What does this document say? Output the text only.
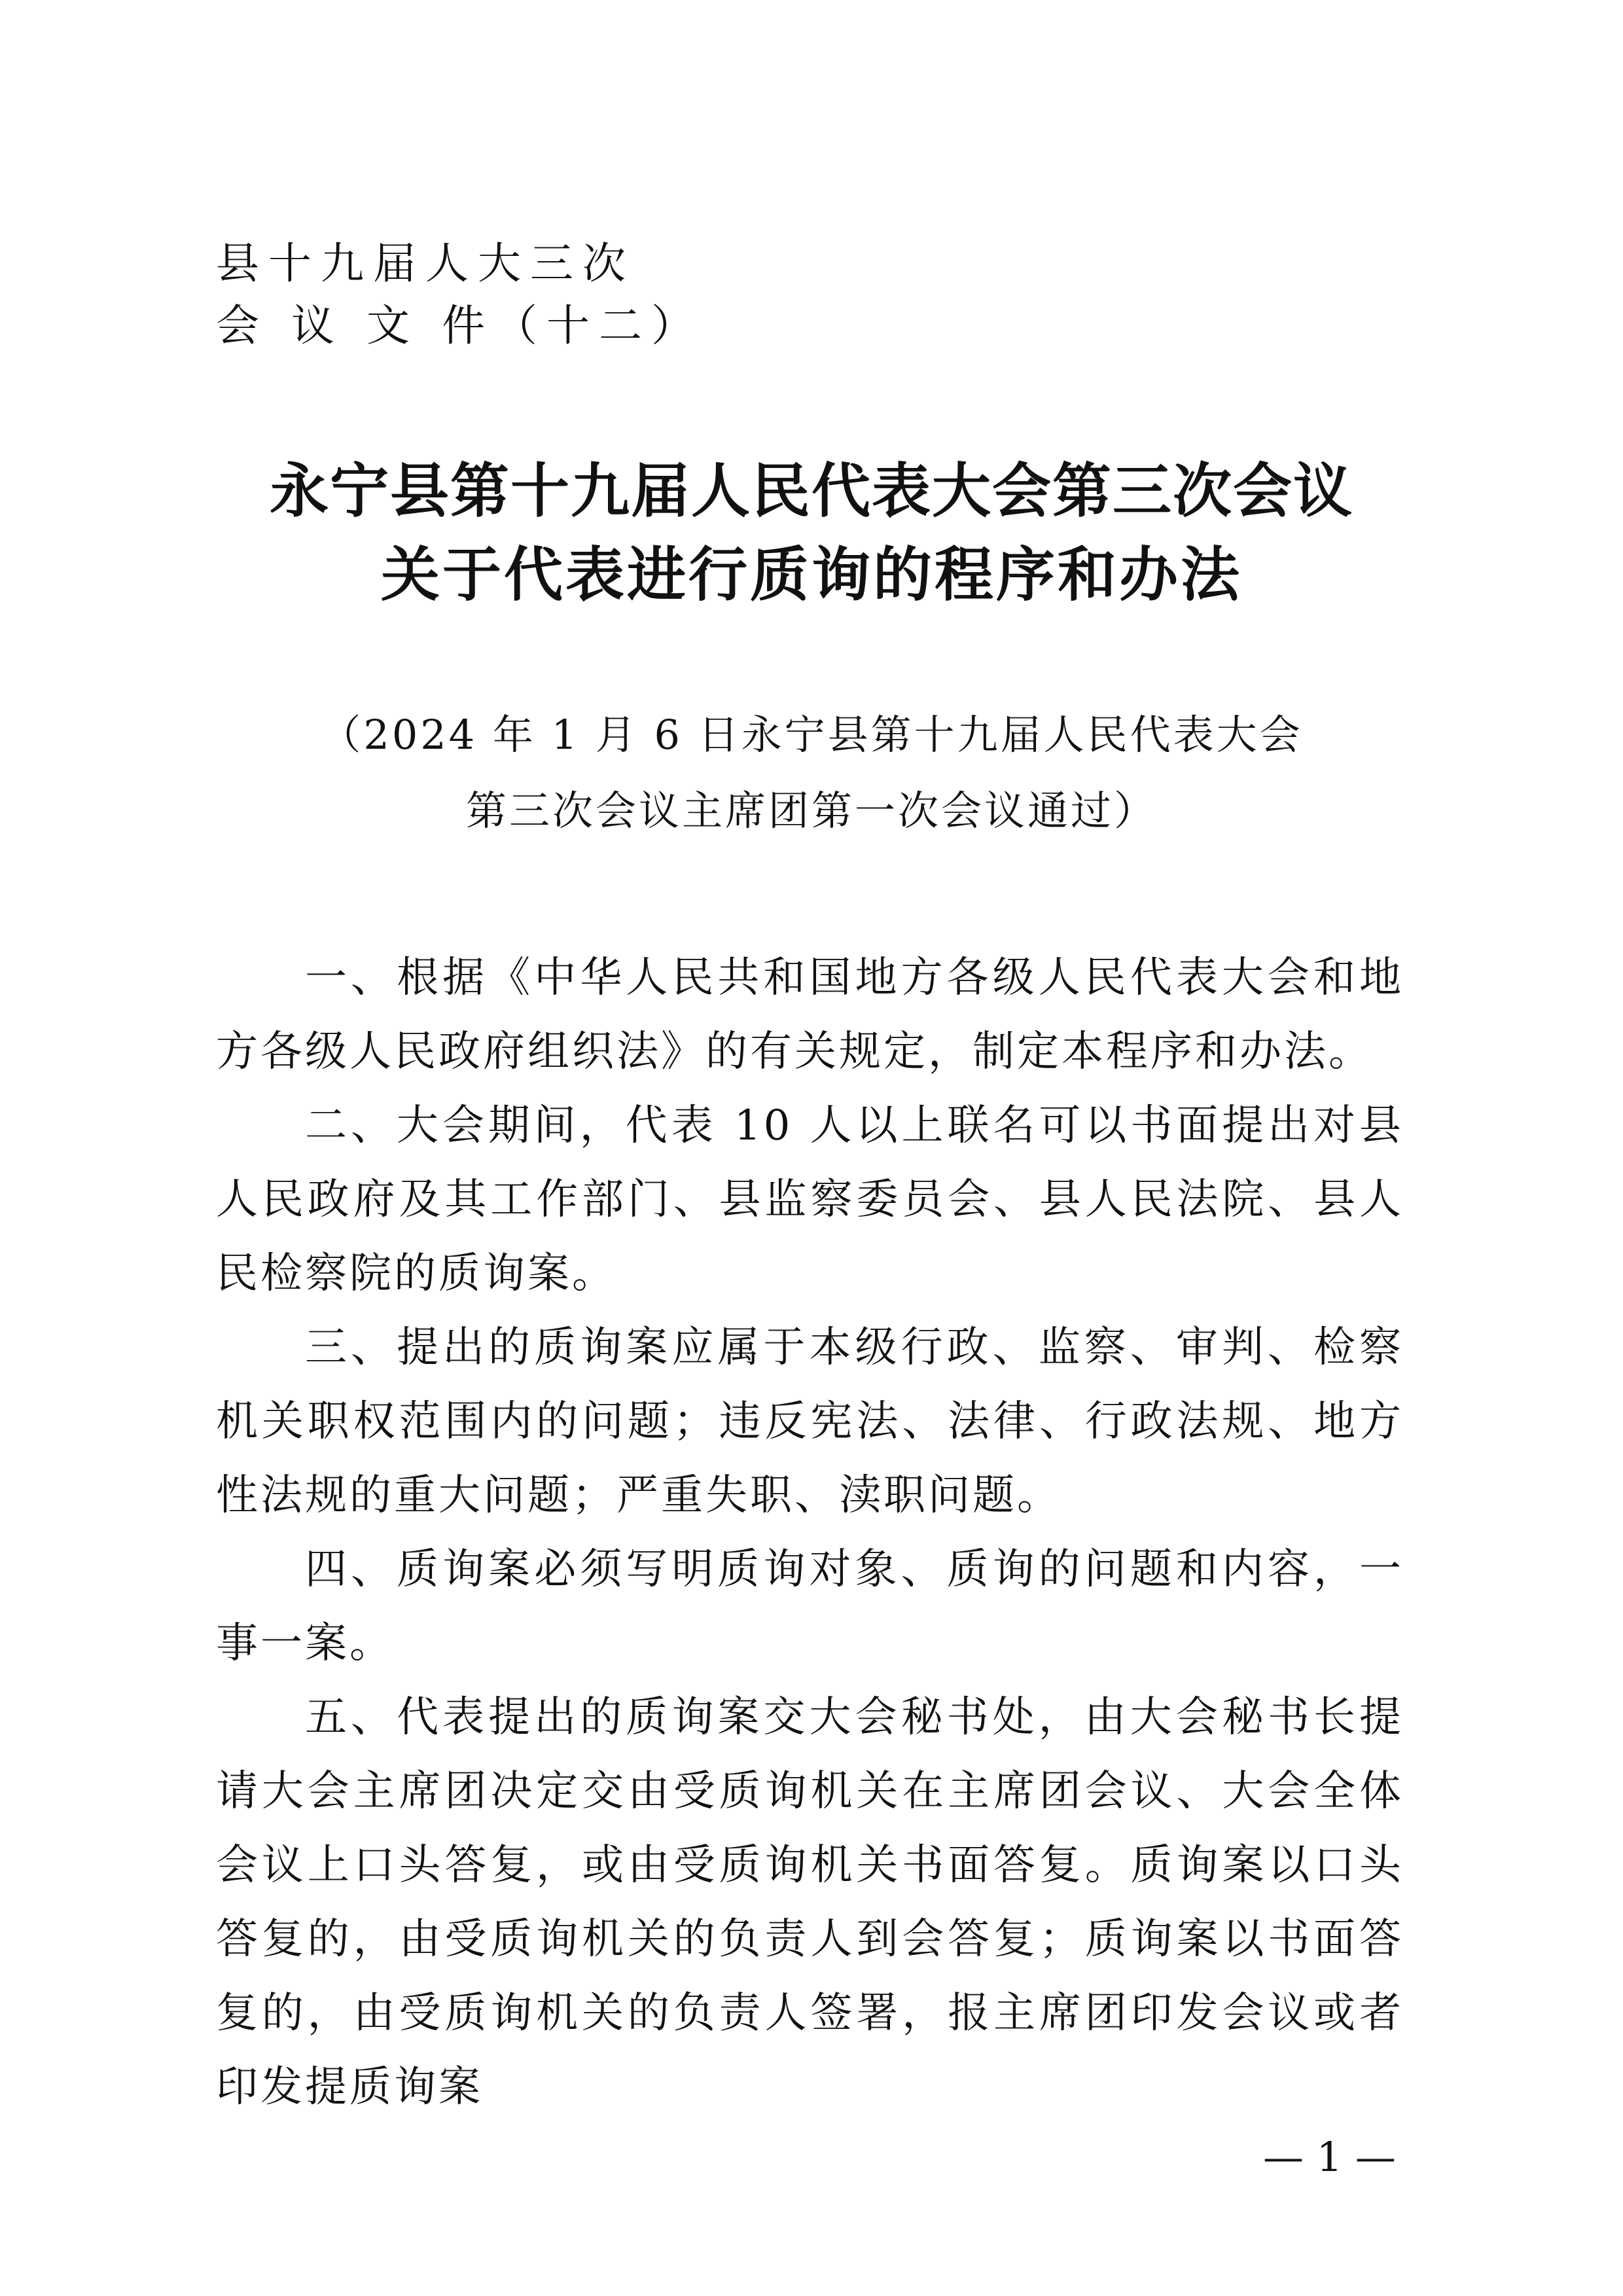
县十九届人大三次
会 议 文 件（十二）
永宁县第十九届人民代表大会第三次会议
关于代表进行质询的程序和办法
（2024 年 1 月 6 日永宁县第十九届人民代表大会
第三次会议主席团第一次会议通过）

一、根据《中华人民共和国地方各级人民代表大会和地方各级人民政府组织法》的有关规定，制定本程序和办法。

二、大会期间，代表 10 人以上联名可以书面提出对县人民政府及其工作部门、县监察委员会、县人民法院、县人民检察院的质询案。

三、提出的质询案应属于本级行政、监察、审判、检察机关职权范围内的问题；违反宪法、法律、行政法规、地方性法规的重大问题；严重失职、渎职问题。

四、质询案必须写明质询对象、质询的问题和内容，一事一案。

五、代表提出的质询案交大会秘书处，由大会秘书长提请大会主席团决定交由受质询机关在主席团会议、大会全体会议上口头答复，或由受质询机关书面答复。质询案以口头答复的，由受质询机关的负责人到会答复；质询案以书面答复的，由受质询机关的负责人签署，报主席团印发会议或者印发提质询案

— 1 —
